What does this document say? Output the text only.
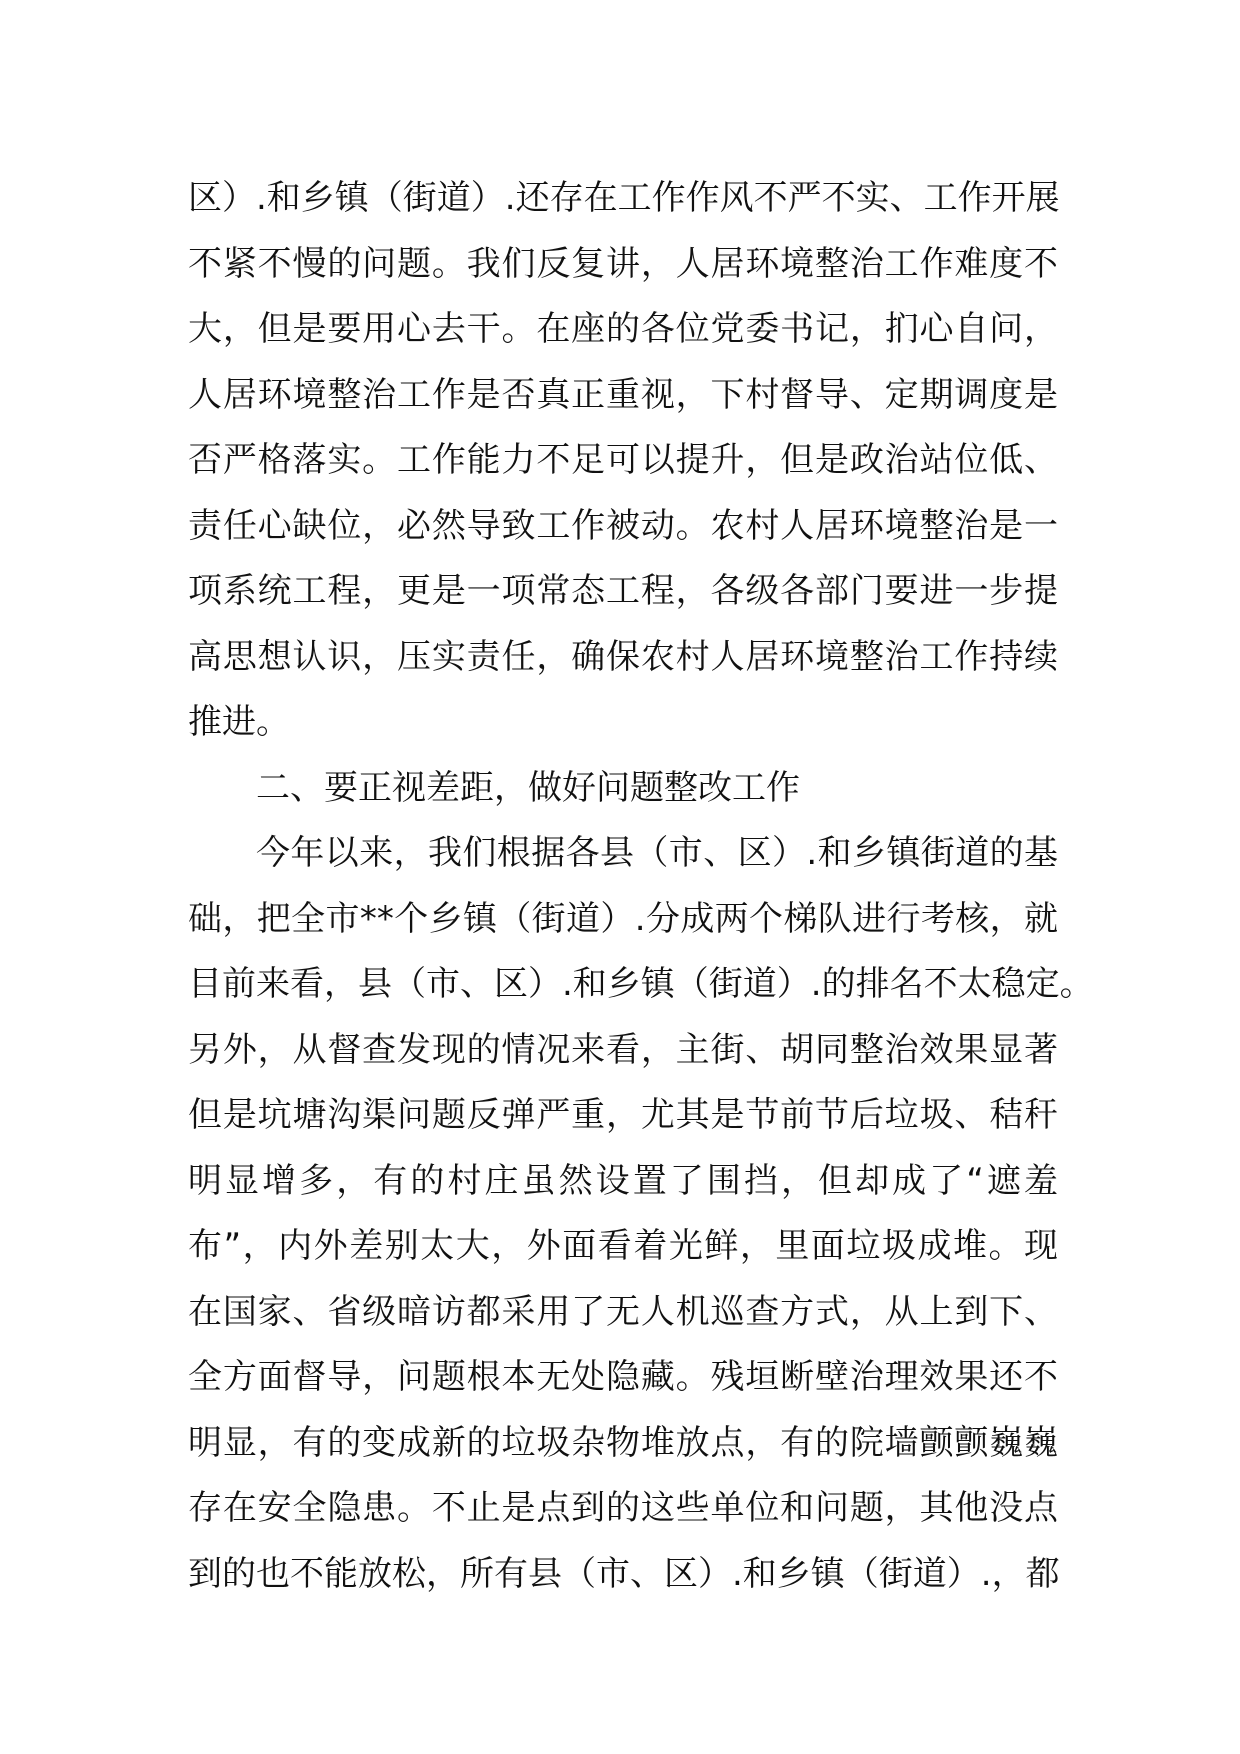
区）.和乡镇（街道）.还存在工作作风不严不实、工作开展
不紧不慢的问题。我们反复讲，人居环境整治工作难度不
大，但是要用心去干。在座的各位党委书记，扪心自问，
人居环境整治工作是否真正重视，下村督导、定期调度是
否严格落实。工作能力不足可以提升，但是政治站位低、
责任心缺位，必然导致工作被动。农村人居环境整治是一
项系统工程，更是一项常态工程，各级各部门要进一步提
高思想认识，压实责任，确保农村人居环境整治工作持续
推进。
二、要正视差距，做好问题整改工作
今年以来，我们根据各县（市、区）.和乡镇街道的基
础，把全市**个乡镇（街道）.分成两个梯队进行考核，就
目前来看，县（市、区）.和乡镇（街道）.的排名不太稳定。
另外，从督查发现的情况来看，主街、胡同整治效果显著
但是坑塘沟渠问题反弹严重，尤其是节前节后垃圾、秸秆
明显增多，有的村庄虽然设置了围挡，但却成了“遮羞
布”，内外差别太大，外面看着光鲜，里面垃圾成堆。现
在国家、省级暗访都采用了无人机巡查方式，从上到下、
全方面督导，问题根本无处隐藏。残垣断壁治理效果还不
明显，有的变成新的垃圾杂物堆放点，有的院墙颤颤巍巍
存在安全隐患。不止是点到的这些单位和问题，其他没点
到的也不能放松，所有县（市、区）.和乡镇（街道）.，都
